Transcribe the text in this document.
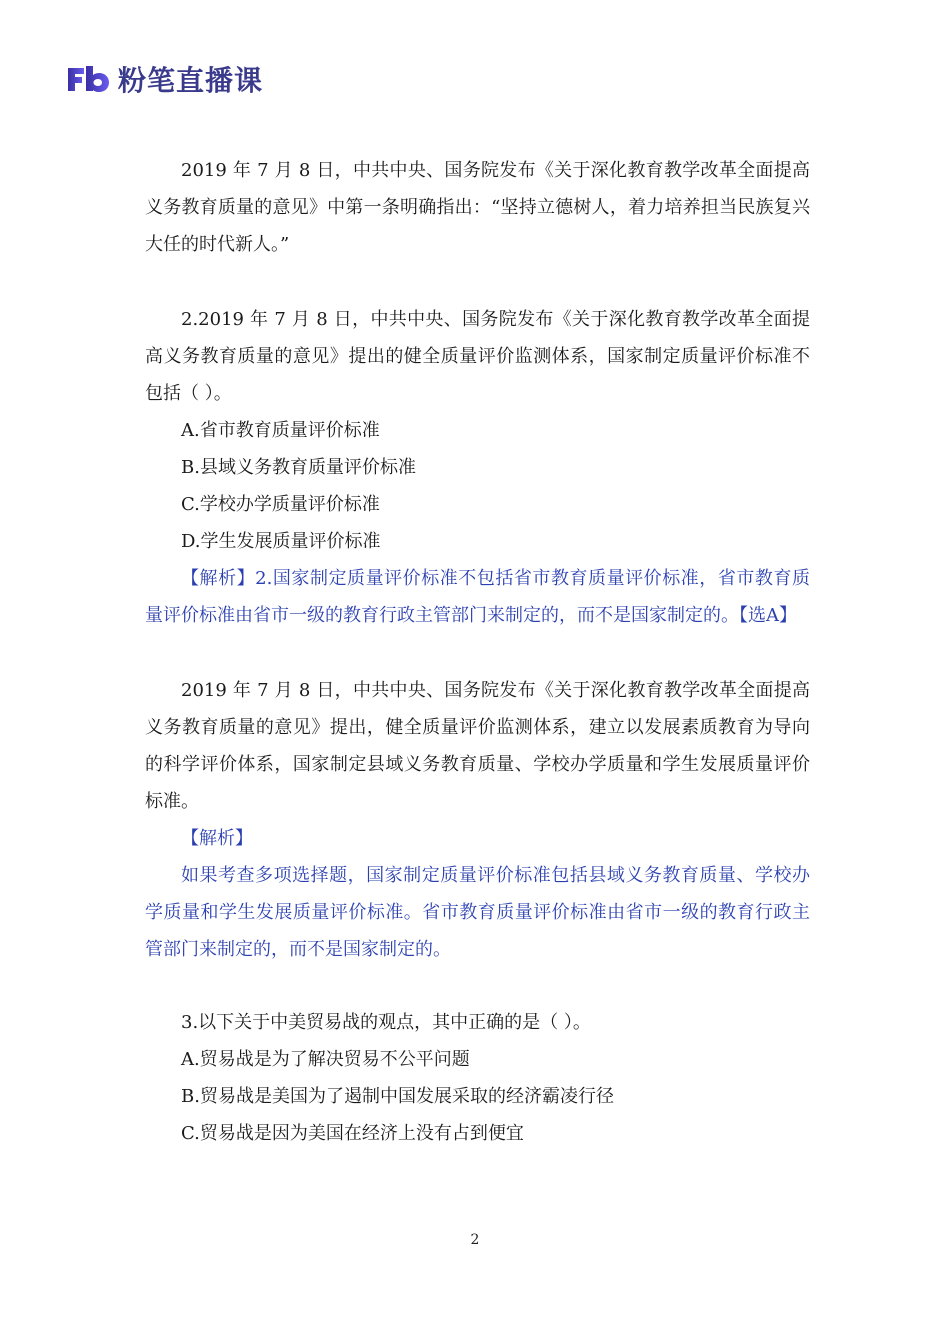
粉笔直播课

2019 年 7 月 8 日，中共中央、国务院发布《关于深化教育教学改革全面提高义务教育质量的意见》中第一条明确指出：“坚持立德树人，着力培养担当民族复兴大任的时代新人。”

2.2019 年 7 月 8 日，中共中央、国务院发布《关于深化教育教学改革全面提高义务教育质量的意见》提出的健全质量评价监测体系，国家制定质量评价标准不包括（ ）。

A.省市教育质量评价标准

B.县域义务教育质量评价标准

C.学校办学质量评价标准

D.学生发展质量评价标准

【解析】2.国家制定质量评价标准不包括省市教育质量评价标准，省市教育质量评价标准由省市一级的教育行政主管部门来制定的，而不是国家制定的。【选A】

2019 年 7 月 8 日，中共中央、国务院发布《关于深化教育教学改革全面提高义务教育质量的意见》提出，健全质量评价监测体系，建立以发展素质教育为导向的科学评价体系，国家制定县域义务教育质量、学校办学质量和学生发展质量评价标准。

【解析】

如果考查多项选择题，国家制定质量评价标准包括县域义务教育质量、学校办学质量和学生发展质量评价标准。省市教育质量评价标准由省市一级的教育行政主管部门来制定的，而不是国家制定的。

3.以下关于中美贸易战的观点，其中正确的是（ ）。

A.贸易战是为了解决贸易不公平问题

B.贸易战是美国为了遏制中国发展采取的经济霸凌行径

C.贸易战是因为美国在经济上没有占到便宜

2
